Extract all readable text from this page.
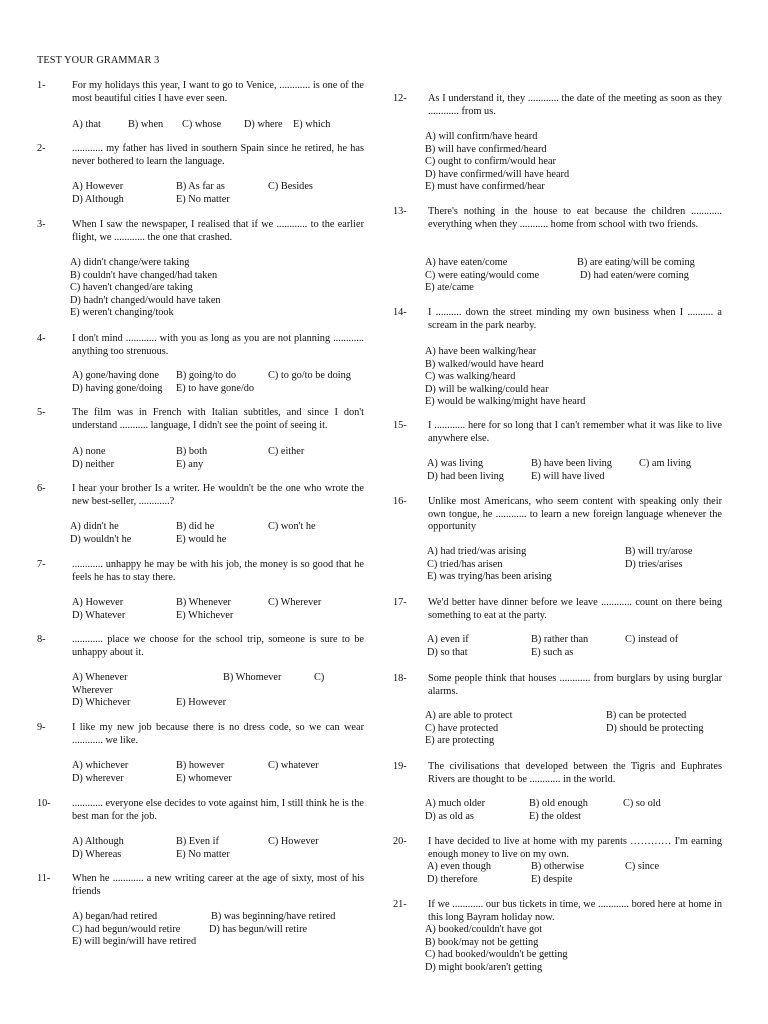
TEST YOUR GRAMMAR 3
1-	For my holidays this year, I want to go to Venice, ............ is one of the most beautiful cities I have ever seen.
A) that	B) when C) whose D) where E) which
2-	............ my father has lived in southern Spain since he retired, he has never bothered to learn the language.
A) However	B) As far as	C) Besides
D) Although	E) No matter
3-	When I saw the newspaper, I realised that if we ............ to the earlier flight, we ............ the one that crashed.
A) didn't change/were taking
B) couldn't have changed/had taken
C) haven't changed/are taking
D) hadn't changed/would have taken
E) weren't changing/took
4-	I don't mind ............ with you as long as you are not planning ............ anything too strenuous.
A) gone/having done B) going/to do	C) to go/to be doing
D) having gone/doing E) to have gone/do
5-	The film was in French with Italian subtitles, and since I don't understand ........... language, I didn't see the point of seeing it.
A) none	B) both	C) either
D) neither	E) any
6-	I hear your brother Is a writer. He wouldn't be the one who wrote the new best-seller, ............?
A) didn't he	B) did he	C) won't he
D) wouldn't he	E) would he
7-	............ unhappy he may be with his job, the money is so good that he feels he has to stay there.
A) However	B) Whenever	C) Wherever
D) Whatever	E) Whichever
8-	............ place we choose for the school trip, someone is sure to be unhappy about it.
A) Whenever	B) Whomever	C)
Wherever
D) Whichever	E) However
9-	I like my new job because there is no dress code, so we can wear ............ we like.
A) whichever	B) however	C) whatever
D) wherever	E) whomever
10- ............ everyone else decides to vote against him, I still think he is the best man for the job.
A) Although	B) Even if	C) However
D) Whereas	E) No matter
11- When he ............ a new writing career at the age of sixty, most of his friends
A) began/had retired	B) was beginning/have retired
C) had begun/would retire	D) has begun/will retire
E) will begin/will have retired
12- As I understand it, they ............ the date of the meeting as soon as they ............ from us.
A) will confirm/have heard
B) will have confirmed/heard
C) ought to confirm/would hear
D) have confirmed/will have heard
E) must have confirmed/hear
13- There's nothing in the house to eat because the children ............ everything when they ........... home from school with two friends.
A) have eaten/come	B) are eating/will be coming
C) were eating/would come	D) had eaten/were coming
E) ate/came
14- I .......... down the street minding my own business when I .......... a scream in the park nearby.
A) have been walking/hear
B) walked/would have heard
C) was walking/heard
D) will be walking/could hear
E) would be walking/might have heard
15- I ............ here for so long that I can't remember what it was like to live anywhere else.
A) was living	B) have been living	C) am living
D) had been living	E) will have lived
16- Unlike most Americans, who seem content with speaking only their own tongue, he ............ to learn a new foreign language whenever the opportunity
A) had tried/was arising	B) will try/arose
C) tried/has arisen	D) tries/arises
E) was trying/has been arising
17- We'd better have dinner before we leave ............ count on there being something to eat at the party.
A) even if	B) rather than	C) instead of
D) so that	E) such as
18- Some people think that houses ............ from burglars by using burglar alarms.
A) are able to protect	B) can be protected
C) have protected	D) should be protecting
E) are protecting
19- The civilisations that developed between the Tigris and Euphrates Rivers are thought to be ............ in the world.
A) much older	B) old enough	C) so old
D) as old as	E) the oldest
20- I have decided to live at home with my parents ………… I'm earning enough money to live on my own.
A) even though	B) otherwise	C) since
D) therefore	E) despite
21- If we ............ our bus tickets in time, we ............ bored here at home in this long Bayram holiday now.
A) booked/couldn't have got
B) book/may not be getting
C) had booked/wouldn't be getting
D) might book/aren't getting
